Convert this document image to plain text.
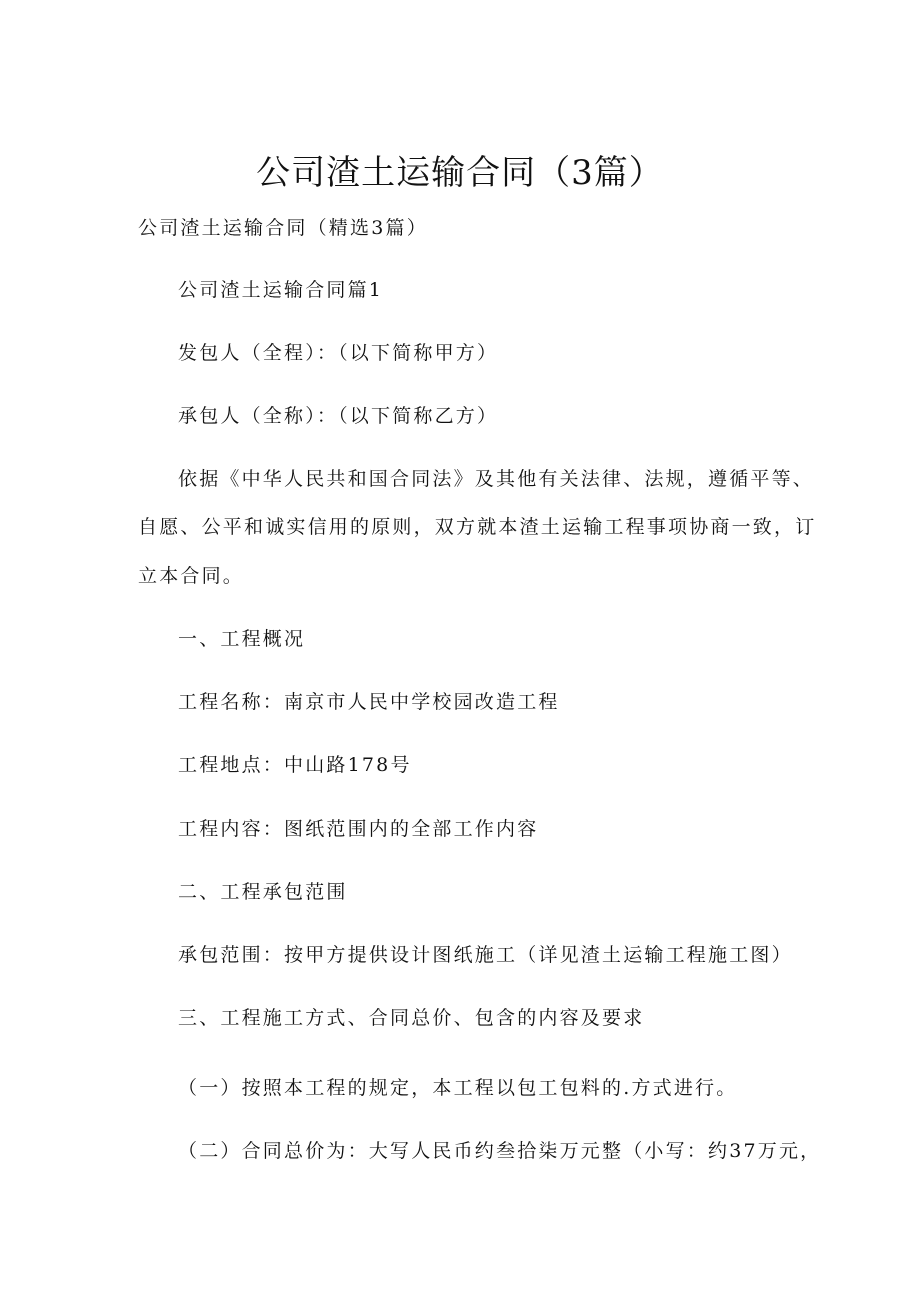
公司渣土运输合同（3篇）
公司渣土运输合同（精选3篇）
公司渣土运输合同篇1
发包人（全程）：（以下简称甲方）
承包人（全称）：（以下简称乙方）
依据《中华人民共和国合同法》及其他有关法律、法规，遵循平等、
自愿、公平和诚实信用的原则，双方就本渣土运输工程事项协商一致，订
立本合同。
一、工程概况
工程名称：南京市人民中学校园改造工程
工程地点：中山路178号
工程内容：图纸范围内的全部工作内容
二、工程承包范围
承包范围：按甲方提供设计图纸施工（详见渣土运输工程施工图）
三、工程施工方式、合同总价、包含的内容及要求
（一）按照本工程的规定，本工程以包工包料的.方式进行。
（二）合同总价为：大写人民币约叁拾柒万元整（小写：约37万元，
